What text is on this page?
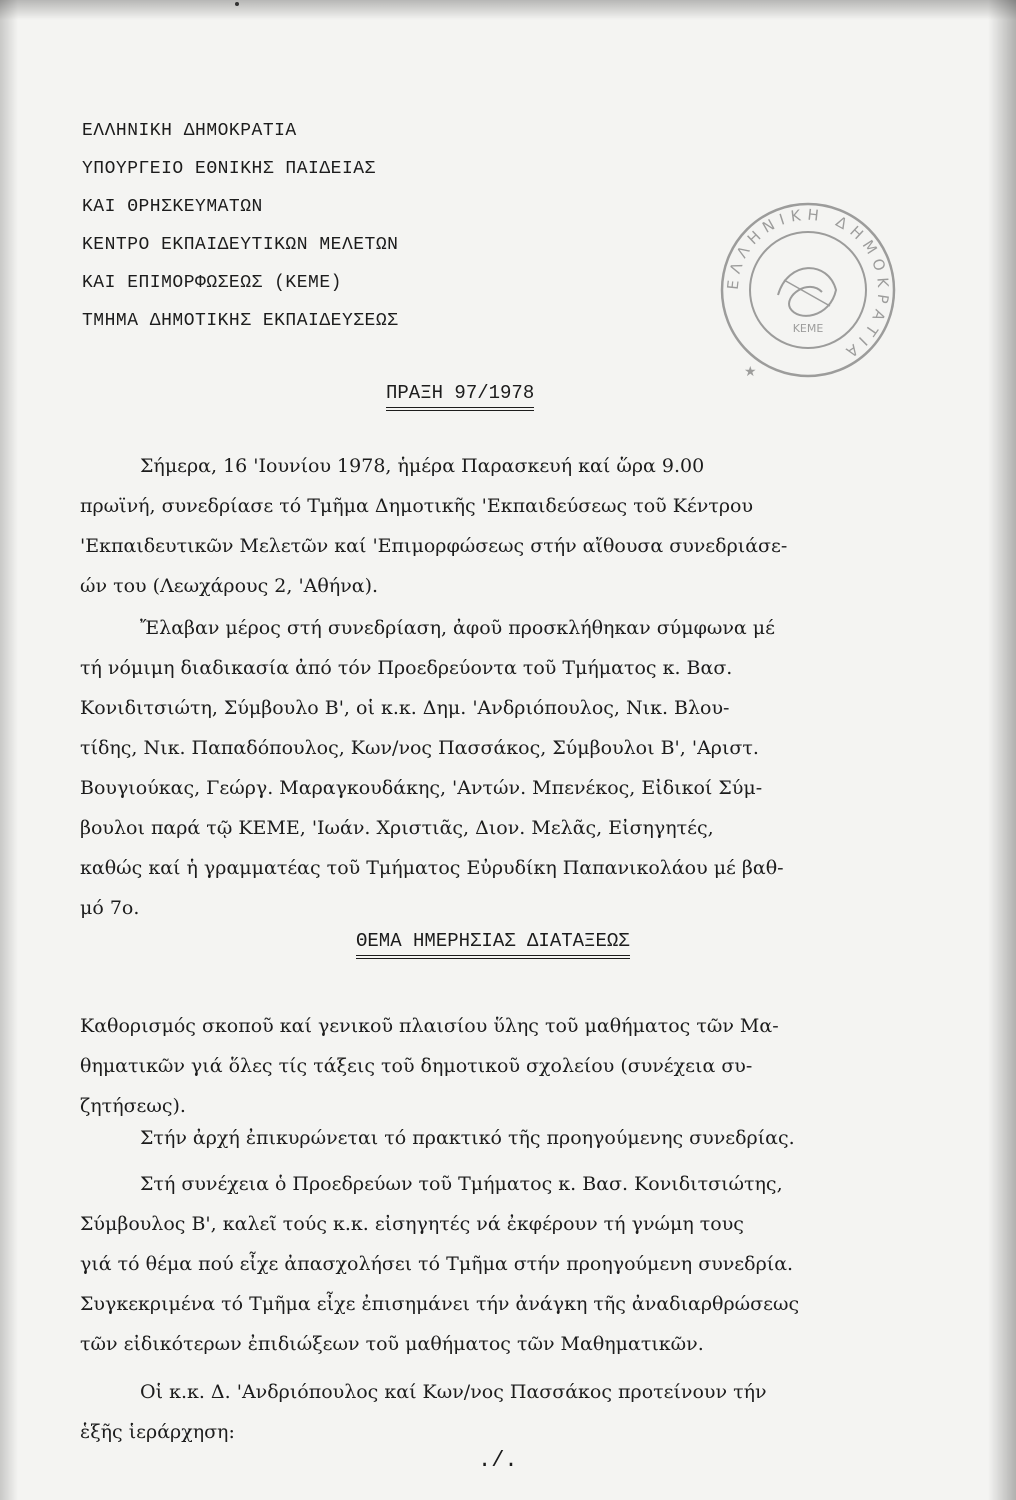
ΕΛΛΗΝΙΚΗ ΔΗΜΟΚΡΑΤΙΑ
ΥΠΟΥΡΓΕΙΟ ΕΘΝΙΚΗΣ ΠΑΙΔΕΙΑΣ
ΚΑΙ ΘΡΗΣΚΕΥΜΑΤΩΝ
ΚΕΝΤΡΟ ΕΚΠΑΙΔΕΥΤΙΚΩΝ ΜΕΛΕΤΩΝ
ΚΑΙ ΕΠΙΜΟΡΦΩΣΕΩΣ (ΚΕΜΕ)
ΤΜΗΜΑ ΔΗΜΟΤΙΚΗΣ ΕΚΠΑΙΔΕΥΣΕΩΣ
ΕΛΛΗΝΙΚΗ ΔΗΜΟΚΡΑΤΙΑ
ΚΕΜΕ
★
ΠΡΑΞΗ 97/1978
Σήμερα, 16 'Ιουνίου 1978, ἡμέρα Παρασκευή καί ὥρα 9.00
πρωϊνή, συνεδρίασε τό Τμῆμα Δημοτικῆς 'Εκπαιδεύσεως τοῦ Κέντρου
'Εκπαιδευτικῶν Μελετῶν καί 'Επιμορφώσεως στήν αἴθουσα συνεδριάσε-
ών του (Λεωχάρους 2, 'Αθήνα).
Ἔλαβαν μέρος στή συνεδρίαση, ἀφοῦ προσκλήθηκαν σύμφωνα μέ
τή νόμιμη διαδικασία ἀπό τόν Προεδρεύοντα τοῦ Τμήματος κ. Βασ.
Κονιδιτσιώτη, Σύμβουλο Β', οἱ κ.κ. Δημ. 'Ανδριόπουλος, Νικ. Βλου-
τίδης, Νικ. Παπαδόπουλος, Κων/νος Πασσάκος, Σύμβουλοι Β', 'Αριστ.
Βουγιούκας, Γεώργ. Μαραγκουδάκης, 'Αντών. Μπενέκος, Εἰδικοί Σύμ-
βουλοι παρά τῷ ΚΕΜΕ, 'Ιωάν. Χριστιᾶς, Διον. Μελᾶς, Εἰσηγητές,
καθώς καί ἡ γραμματέας τοῦ Τμήματος Εὐρυδίκη Παπανικολάου μέ βαθ-
μό 7ο.
ΘΕΜΑ ΗΜΕΡΗΣΙΑΣ ΔΙΑΤΑΞΕΩΣ
Καθορισμός σκοποῦ καί γενικοῦ πλαισίου ὕλης τοῦ μαθήματος τῶν Μα-
θηματικῶν γιά ὅλες τίς τάξεις τοῦ δημοτικοῦ σχολείου (συνέχεια συ-
ζητήσεως).
Στήν ἀρχή ἐπικυρώνεται τό πρακτικό τῆς προηγούμενης συνεδρίας.
Στή συνέχεια ὁ Προεδρεύων τοῦ Τμήματος κ. Βασ. Κονιδιτσιώτης,
Σύμβουλος Β', καλεῖ τούς κ.κ. εἰσηγητές νά ἐκφέρουν τή γνώμη τους
γιά τό θέμα πού εἶχε ἀπασχολήσει τό Τμῆμα στήν προηγούμενη συνεδρία.
Συγκεκριμένα τό Τμῆμα εἶχε ἐπισημάνει τήν ἀνάγκη τῆς ἀναδιαρθρώσεως
τῶν εἰδικότερων ἐπιδιώξεων τοῦ μαθήματος τῶν Μαθηματικῶν.
Οἱ κ.κ. Δ. 'Ανδριόπουλος καί Κων/νος Πασσάκος προτείνουν τήν
ἑξῆς ἱεράρχηση:
./.
